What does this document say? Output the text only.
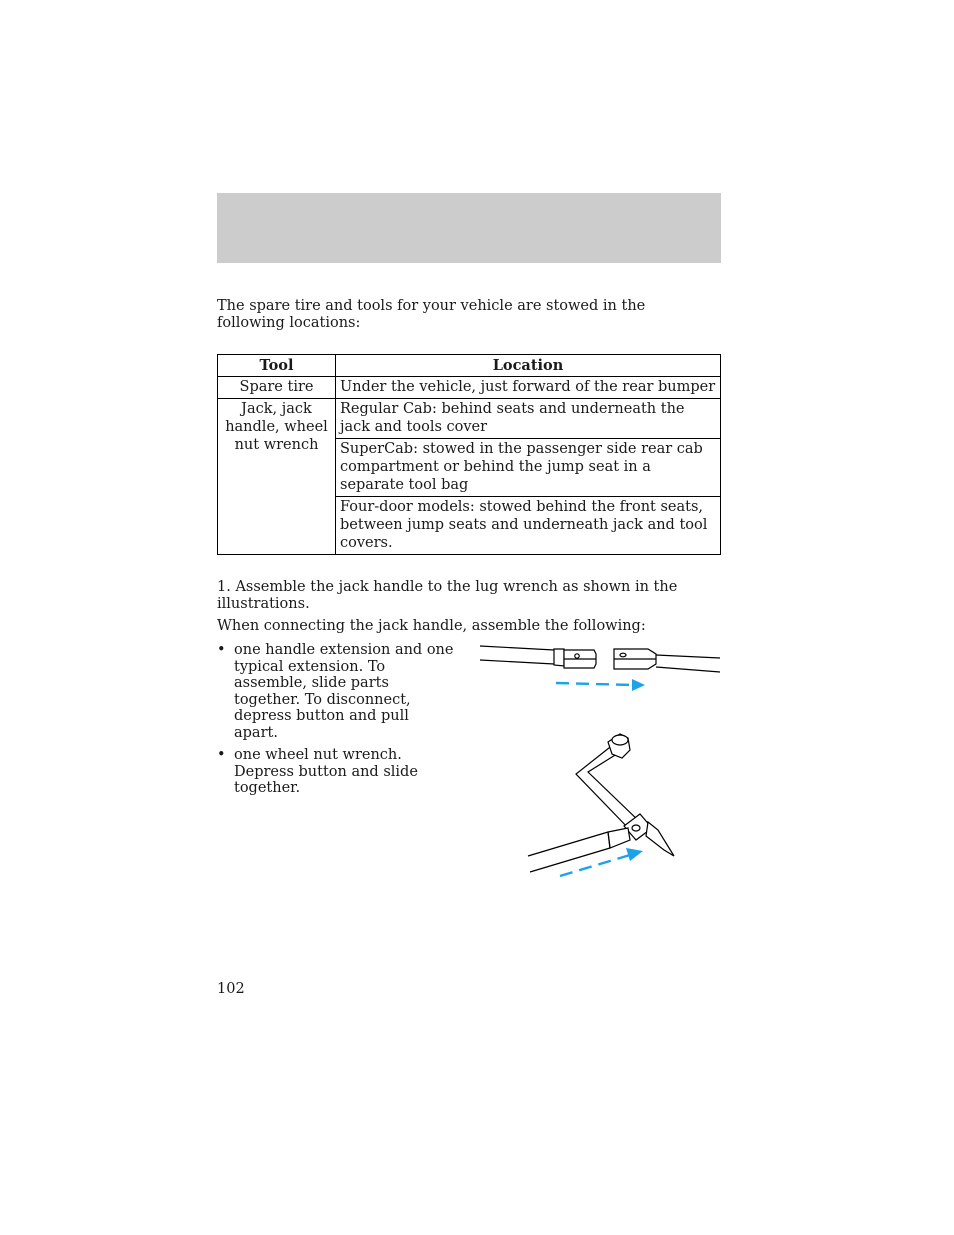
The spare tire and tools for your vehicle are stowed in the following locations:

Tool	Location
Spare tire	Under the vehicle, just forward of the rear bumper
Jack, jack handle, wheel nut wrench	Regular Cab: behind seats and underneath the jack and tools cover
	SuperCab: stowed in the passenger side rear cab compartment or behind the jump seat in a separate tool bag
	Four-door models: stowed behind the front seats, between jump seats and underneath jack and tool covers.

1. Assemble the jack handle to the lug wrench as shown in the illustrations.

When connecting the jack handle, assemble the following:

• one handle extension and one typical extension. To assemble, slide parts together. To disconnect, depress button and pull apart.
• one wheel nut wrench. Depress button and slide together.
102
